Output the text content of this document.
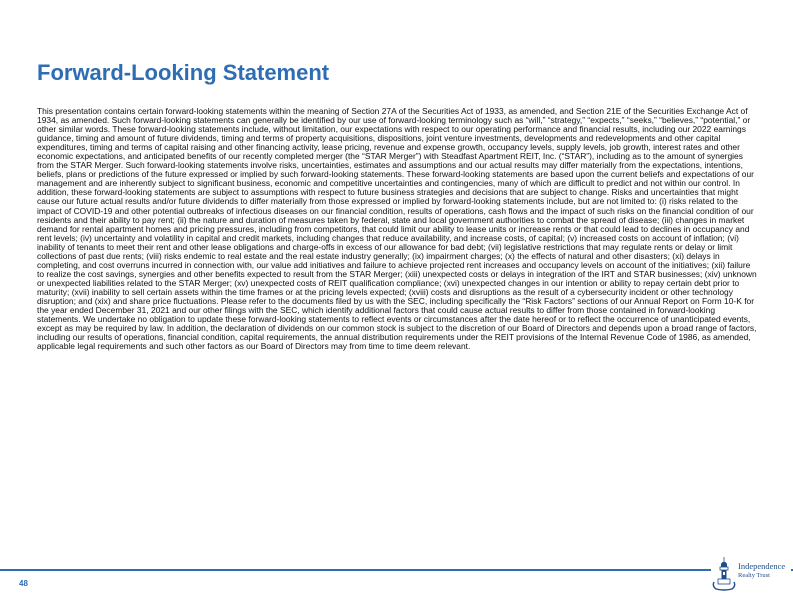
Forward-Looking Statement

This presentation contains certain forward-looking statements within the meaning of Section 27A of the Securities Act of 1933, as amended, and Section 21E of the Securities Exchange Act of 1934, as amended. Such forward-looking statements can generally be identified by our use of forward-looking terminology such as “will,” “strategy,” “expects,” “seeks,” “believes,” “potential,” or other similar words. These forward-looking statements include, without limitation, our expectations with respect to our operating performance and financial results, including our 2022 earnings guidance, timing and amount of future dividends, timing and terms of property acquisitions, dispositions, joint venture investments, developments and redevelopments and other capital expenditures, timing and terms of capital raising and other financing activity, lease pricing, revenue and expense growth, occupancy levels, supply levels, job growth, interest rates and other economic expectations, and anticipated benefits of our recently completed merger (the “STAR Merger”) with Steadfast Apartment REIT, Inc. (“STAR”), including as to the amount of synergies from the STAR Merger. Such forward-looking statements involve risks, uncertainties, estimates and assumptions and our actual results may differ materially from the expectations, intentions, beliefs, plans or predictions of the future expressed or implied by such forward-looking statements. These forward-looking statements are based upon the current beliefs and expectations of our management and are inherently subject to significant business, economic and competitive uncertainties and contingencies, many of which are difficult to predict and not within our control. In addition, these forward-looking statements are subject to assumptions with respect to future business strategies and decisions that are subject to change. Risks and uncertainties that might cause our future actual results and/or future dividends to differ materially from those expressed or implied by forward-looking statements include, but are not limited to: (i) risks related to the impact of COVID-19 and other potential outbreaks of infectious diseases on our financial condition, results of operations, cash flows and the impact of such risks on the financial condition of our residents and their ability to pay rent; (ii) the nature and duration of measures taken by federal, state and local government authorities to combat the spread of disease; (iii) changes in market demand for rental apartment homes and pricing pressures, including from competitors, that could limit our ability to lease units or increase rents or that could lead to declines in occupancy and rent levels; (iv) uncertainty and volatility in capital and credit markets, including changes that reduce availability, and increase costs, of capital; (v) increased costs on account of inflation; (vi) inability of tenants to meet their rent and other lease obligations and charge-offs in excess of our allowance for bad debt; (vii) legislative restrictions that may regulate rents or delay or limit collections of past due rents; (viii) risks endemic to real estate and the real estate industry generally; (ix) impairment charges; (x) the effects of natural and other disasters; (xi) delays in completing, and cost overruns incurred in connection with, our value add initiatives and failure to achieve projected rent increases and occupancy levels on account of the initiatives; (xii) failure to realize the cost savings, synergies and other benefits expected to result from the STAR Merger; (xiii) unexpected costs or delays in integration of the IRT and STAR businesses; (xiv) unknown or unexpected liabilities related to the STAR Merger; (xv) unexpected costs of REIT qualification compliance; (xvi) unexpected changes in our intention or ability to repay certain debt prior to maturity; (xvii) inability to sell certain assets within the time frames or at the pricing levels expected; (xviii) costs and disruptions as the result of a cybersecurity incident or other technology disruption; and (xix) and share price fluctuations. Please refer to the documents filed by us with the SEC, including specifically the “Risk Factors” sections of our Annual Report on Form 10-K for the year ended December 31, 2021 and our other filings with the SEC, which identify additional factors that could cause actual results to differ from those contained in forward-looking statements. We undertake no obligation to update these forward-looking statements to reflect events or circumstances after the date hereof or to reflect the occurrence of unanticipated events, except as may be required by law. In addition, the declaration of dividends on our common stock is subject to the discretion of our Board of Directors and depends upon a broad range of factors, including our results of operations, financial condition, capital requirements, the annual distribution requirements under the REIT provisions of the Internal Revenue Code of 1986, as amended, applicable legal requirements and such other factors as our Board of Directors may from time to time deem relevant.

48
Independence
Realty Trust
